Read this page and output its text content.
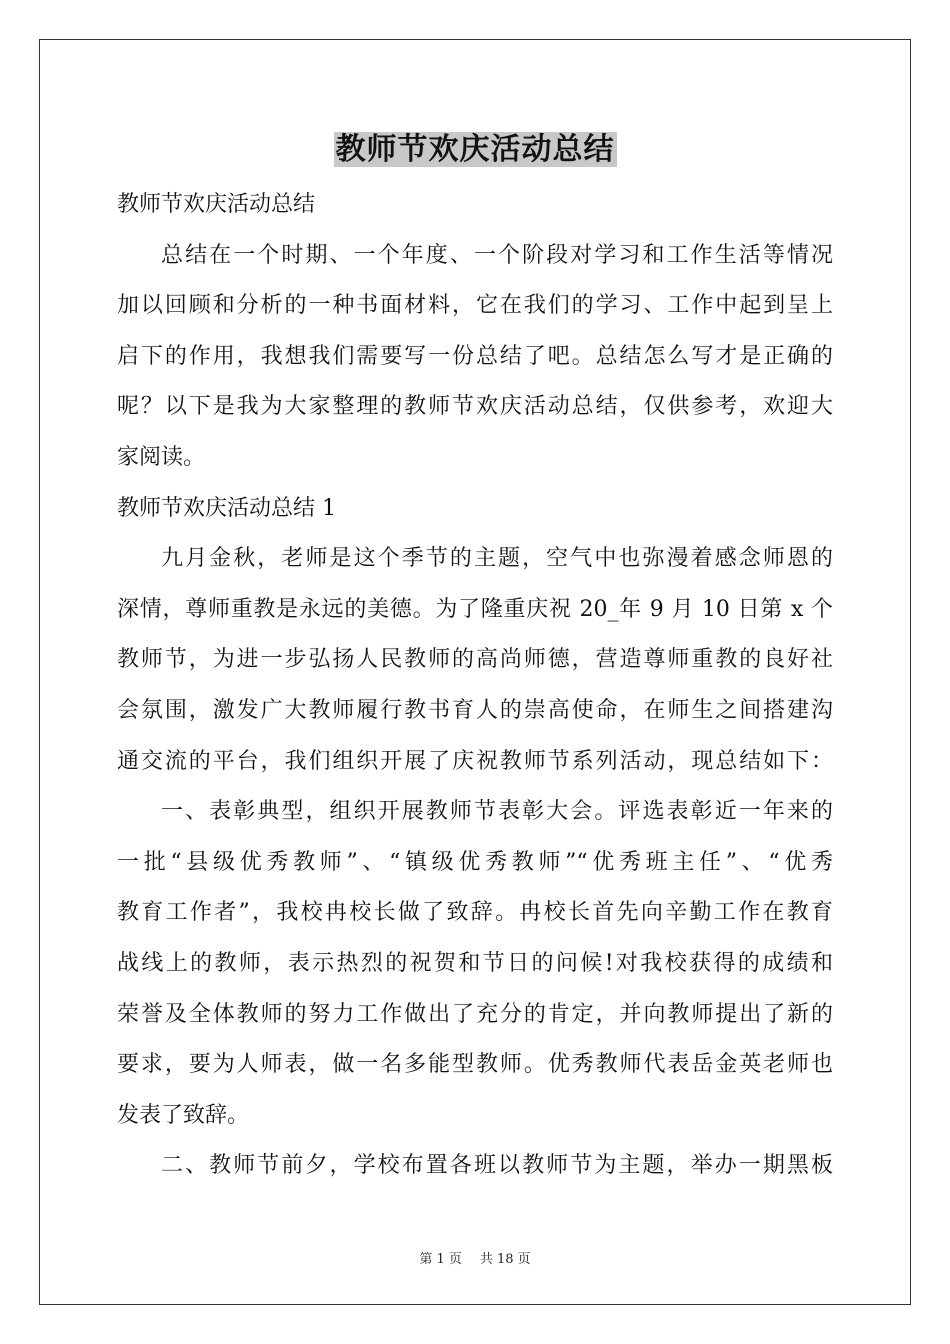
教师节欢庆活动总结
教师节欢庆活动总结
总结在一个时期、一个年度、一个阶段对学习和工作生活等情况
加以回顾和分析的一种书面材料，它在我们的学习、工作中起到呈上
启下的作用，我想我们需要写一份总结了吧。总结怎么写才是正确的
呢？以下是我为大家整理的教师节欢庆活动总结，仅供参考，欢迎大
家阅读。
教师节欢庆活动总结 1
九月金秋，老师是这个季节的主题，空气中也弥漫着感念师恩的
深情，尊师重教是永远的美德。为了隆重庆祝 20_年 9 月 10 日第 x 个
教师节，为进一步弘扬人民教师的高尚师德，营造尊师重教的良好社
会氛围，激发广大教师履行教书育人的崇高使命，在师生之间搭建沟
通交流的平台，我们组织开展了庆祝教师节系列活动，现总结如下：
一、表彰典型，组织开展教师节表彰大会。评选表彰近一年来的
一批“县级优秀教师”、“镇级优秀教师”“优秀班主任”、“优秀
教育工作者”，我校冉校长做了致辞。冉校长首先向辛勤工作在教育
战线上的教师，表示热烈的祝贺和节日的问候!对我校获得的成绩和
荣誉及全体教师的努力工作做出了充分的肯定，并向教师提出了新的
要求，要为人师表，做一名多能型教师。优秀教师代表岳金英老师也
发表了致辞。
二、教师节前夕，学校布置各班以教师节为主题，举办一期黑板
第 1 页 共 18 页
